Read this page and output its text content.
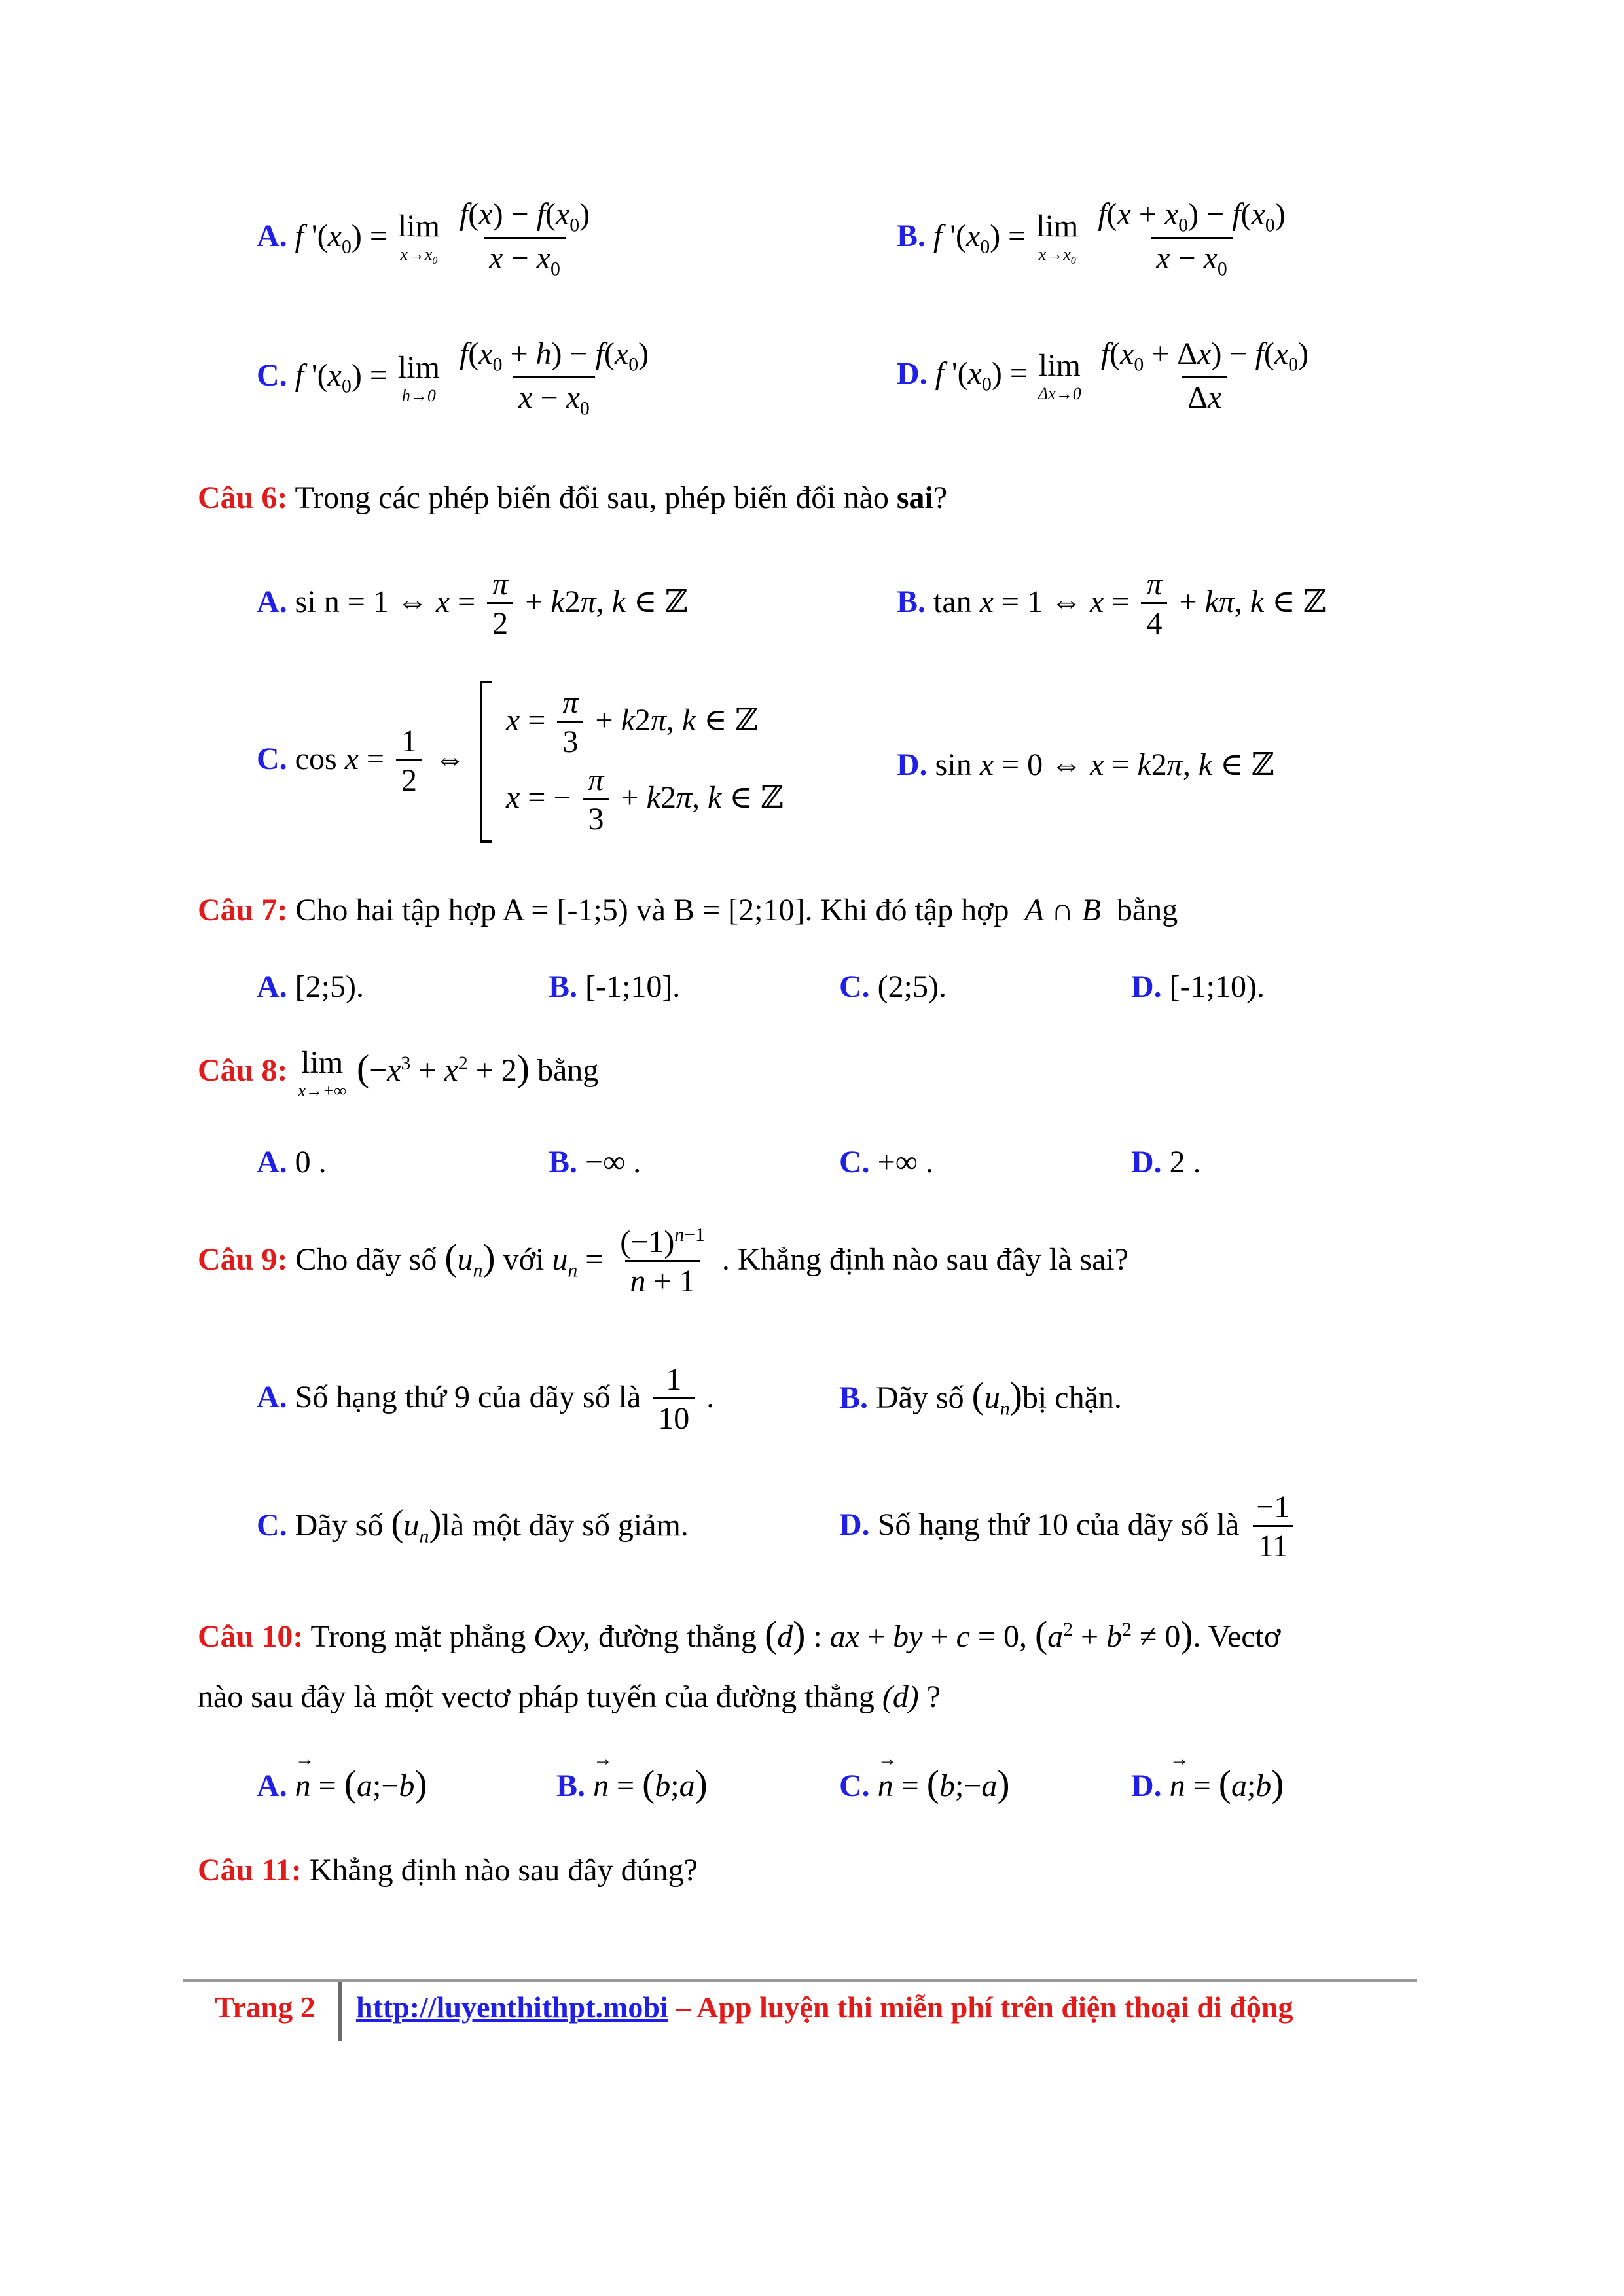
A. f '$(x_0) = \lim$
$x\to x_0$
$\frac{f(x) - f(x_0)}{x - x_0}$	B. f '$(x_0) = \lim$
$x\to x_0$
$\frac{f(x + x_0) - f(x_0)}{x - x_0}$
C. f '$(x_0) = \lim$
h→0
$\frac{f(x_0 + h) - f(x_0)}{x - x_0}$	D. f '$(x_0) = \lim$
Δx→0
$\frac{f(x_0 + \Delta x) - f(x_0)}{\Delta x}$
Câu 6: Trong các phép biến đổi sau, phép biến đổi nào sai?
A. si n = 1 ⇔ $x = \frac{\pi}{2} + k2\pi$, k ∈ ℤ	B. tan x = 1 ⇔ $x = \frac{\pi}{4} + k\pi$, k ∈ ℤ
C. $\cos x = \frac{1}{2}$ ⇔
$x = \frac{\pi}{3} + k2\pi$, k ∈ ℤ
x = − $\frac{\pi}{3} + k2\pi$, k ∈ ℤ
D. sin x = 0 ⇔ x = k2π, k ∈ ℤ
Câu 7: Cho hai tập hợp A = [-1;5) và B = [2;10]. Khi đó tập hợp  A ∩ B  bằng
A. [2;5).	B. [-1;10].	C. (2;5).	D. [-1;10).
Câu 8: lim
x→+∞
$(-x^3 + x^2 + 2)$ bằng
A. 0 .	B. −∞ .	C. +∞ .	D. 2 .
Câu 9: Cho dãy số $(u_n)$ với $u_n = \frac{(-1)^{n-1}}{n + 1}$ . Khẳng định nào sau đây là sai?
A. Số hạng thứ 9 của dãy số là $\frac{1}{10}$ .	B. Dãy số $(u_n)bị$ chặn.
C. Dãy số $(u_n)là$ một dãy số giảm.	D. Số hạng thứ 10 của dãy số là $\frac{-1}{11}$
Câu 10: Trong mặt phẳng Oxy, đường thẳng (d) : ax + by + c = 0, $(a^2 + b^2 \ne 0)$. Vectơ
nào sau đây là một vectơ pháp tuyến của đường thẳng (d) ?
A. → n = (a;−b)	B. → n = (b;a)	C. → n = (b;−a)	D. → n = (a;b)
Câu 11: Khẳng định nào sau đây đúng?
Trang 2 http://luyenthithpt.mobi – App luyện thi miễn phí trên điện thoại di động
